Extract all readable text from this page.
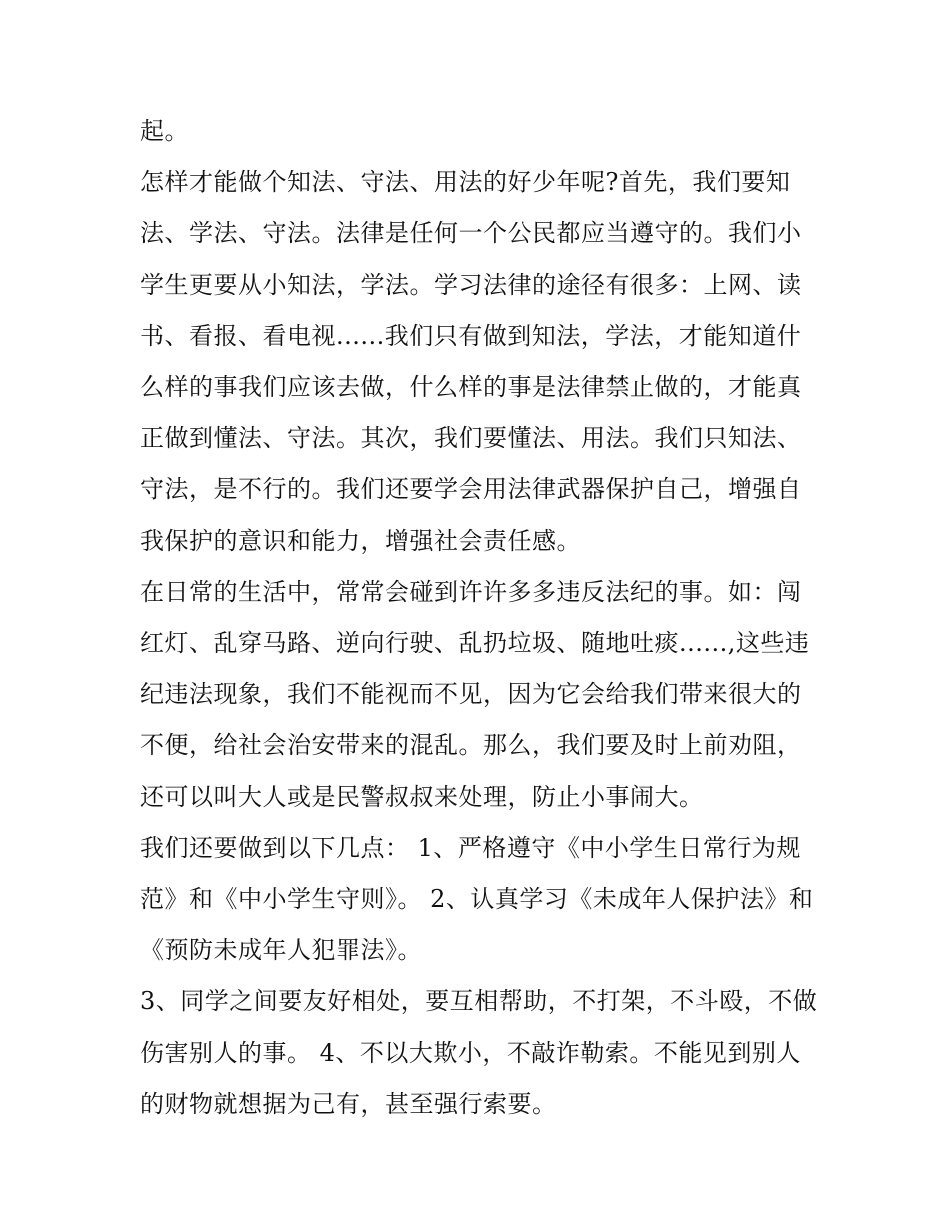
起。

怎样才能做个知法、守法、用法的好少年呢?首先，我们要知法、学法、守法。法律是任何一个公民都应当遵守的。我们小学生更要从小知法，学法。学习法律的途径有很多：上网、读书、看报、看电视......我们只有做到知法，学法，才能知道什么样的事我们应该去做，什么样的事是法律禁止做的，才能真正做到懂法、守法。其次，我们要懂法、用法。我们只知法、守法，是不行的。我们还要学会用法律武器保护自己，增强自我保护的意识和能力，增强社会责任感。

在日常的生活中，常常会碰到许许多多违反法纪的事。如：闯红灯、乱穿马路、逆向行驶、乱扔垃圾、随地吐痰......,这些违纪违法现象，我们不能视而不见，因为它会给我们带来很大的不便，给社会治安带来的混乱。那么，我们要及时上前劝阻，还可以叫大人或是民警叔叔来处理，防止小事闹大。

我们还要做到以下几点： 1、严格遵守《中小学生日常行为规范》和《中小学生守则》。 2、认真学习《未成年人保护法》和《预防未成年人犯罪法》。

3、同学之间要友好相处，要互相帮助，不打架，不斗殴，不做伤害别人的事。 4、不以大欺小，不敲诈勒索。不能见到别人的财物就想据为己有，甚至强行索要。
